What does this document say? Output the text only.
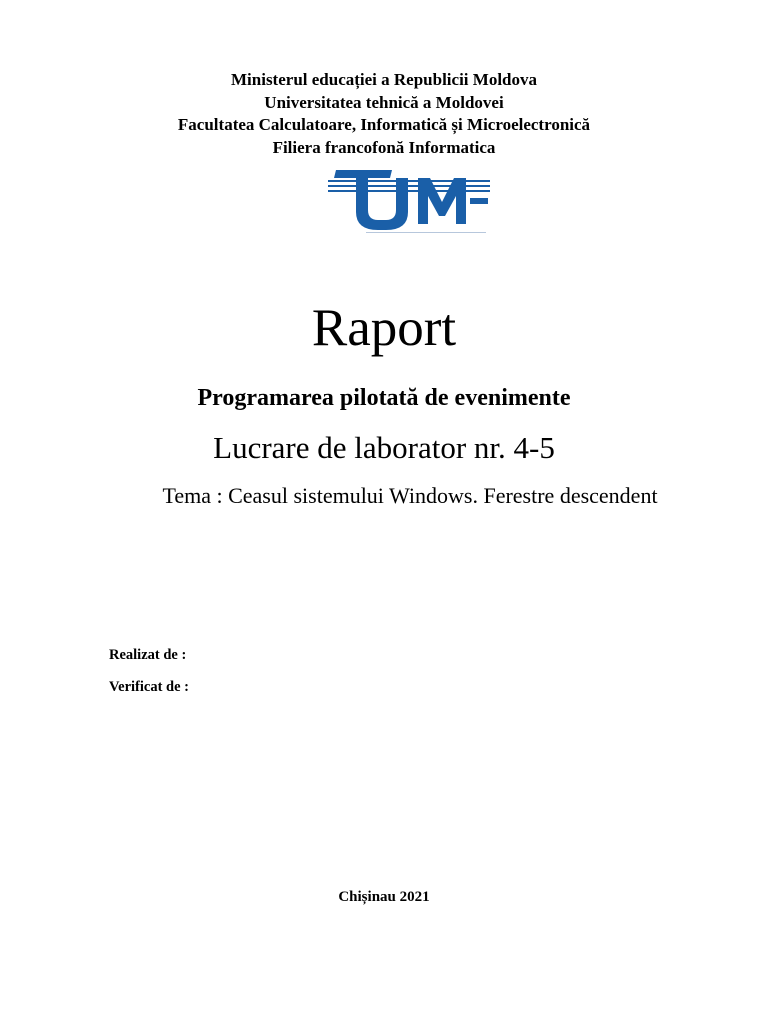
Ministerul educației a Republicii Moldova
Universitatea tehnică a Moldovei
Facultatea Calculatoare, Informatică și Microelectronică
Filiera francofonă Informatica
Raport
Programarea pilotată de evenimente
Lucrare de laborator nr. 4-5
Tema : Ceasul sistemului Windows. Ferestre descendent
Realizat de :
Verificat de :
Chișinau 2021
